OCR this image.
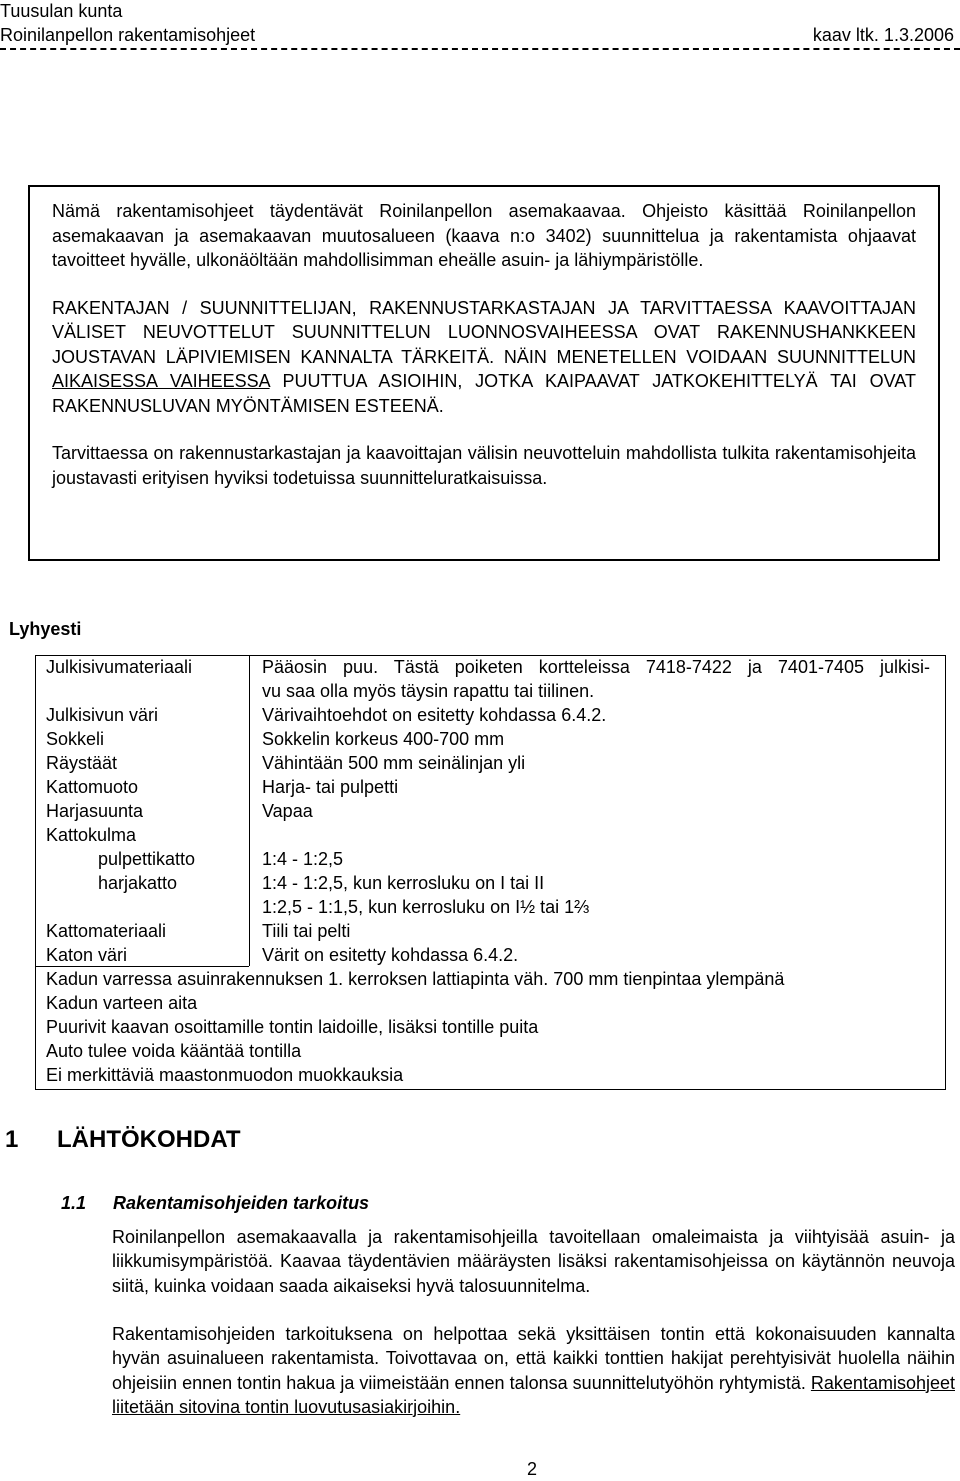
Tuusulan kunta
Roinilanpellon rakentamisohjeet	kaav ltk. 1.3.2006

Nämä rakentamisohjeet täydentävät Roinilanpellon asemakaavaa. Ohjeisto käsittää Roinilanpellon asemakaavan ja asemakaavan muutosalueen (kaava n:o 3402) suunnittelua ja rakentamista ohjaavat tavoitteet hyvälle, ulkonäöltään mahdollisimman eheälle asuin- ja lähiympäristölle.

RAKENTAJAN / SUUNNITTELIJAN, RAKENNUSTARKASTAJAN JA TARVITTAESSA KAAVOITTAJAN VÄLISET NEUVOTTELUT SUUNNITTELUN LUONNOSVAIHEESSA OVAT RAKENNUSHANKKEEN JOUSTAVAN LÄPIVIEMISEN KANNALTA TÄRKEITÄ. NÄIN MENETELLEN VOIDAAN SUUNNITTELUN AIKAISESSA VAIHEESSA PUUTTUA ASIOIHIN, JOTKA KAIPAAVAT JATKOKEHITTELYÄ TAI OVAT RAKENNUSLUVAN MYÖNTÄMISEN ESTEENÄ.

Tarvittaessa on rakennustarkastajan ja kaavoittajan välisin neuvotteluin mahdollista tulkita rakentamisohjeita joustavasti erityisen hyviksi todetuissa suunnitteluratkaisuissa.

Lyhyesti
Julkisivumateriaali	Pääosin puu. Tästä poiketen kortteleissa 7418-7422 ja 7401-7405 julkisi-
vu saa olla myös täysin rapattu tai tiilinen.
Julkisivun väri	Värivaihtoehdot on esitetty kohdassa 6.4.2.
Sokkeli	Sokkelin korkeus 400-700 mm
Räystäät	Vähintään 500 mm seinälinjan yli
Kattomuoto	Harja- tai pulpetti
Harjasuunta	Vapaa
Kattokulma
pulpettikatto	1:4 - 1:2,5
harjakatto	1:4 - 1:2,5, kun kerrosluku on I tai II
1:2,5 - 1:1,5, kun kerrosluku on I½ tai 1⅔
Kattomateriaali	Tiili tai pelti
Katon väri	Värit on esitetty kohdassa 6.4.2.
Kadun varressa asuinrakennuksen 1. kerroksen lattiapinta väh. 700 mm tienpintaa ylempänä
Kadun varteen aita
Puurivit kaavan osoittamille tontin laidoille, lisäksi tontille puita
Auto tulee voida kääntää tontilla
Ei merkittäviä maastonmuodon muokkauksia
1 LÄHTÖKOHDAT
1.1 Rakentamisohjeiden tarkoitus

Roinilanpellon asemakaavalla ja rakentamisohjeilla tavoitellaan omaleimaista ja viihtyisää asuin- ja liikkumisympäristöä. Kaavaa täydentävien määräysten lisäksi rakentamisohjeissa on käytännön neuvoja siitä, kuinka voidaan saada aikaiseksi hyvä talosuunnitelma.

Rakentamisohjeiden tarkoituksena on helpottaa sekä yksittäisen tontin että kokonaisuuden kannalta hyvän asuinalueen rakentamista. Toivottavaa on, että kaikki tonttien hakijat perehtyisivät huolella näihin ohjeisiin ennen tontin hakua ja viimeistään ennen talonsa suunnittelutyöhön ryhtymistä. Rakentamisohjeet liitetään sitovina tontin luovutusasiakirjoihin.

2
